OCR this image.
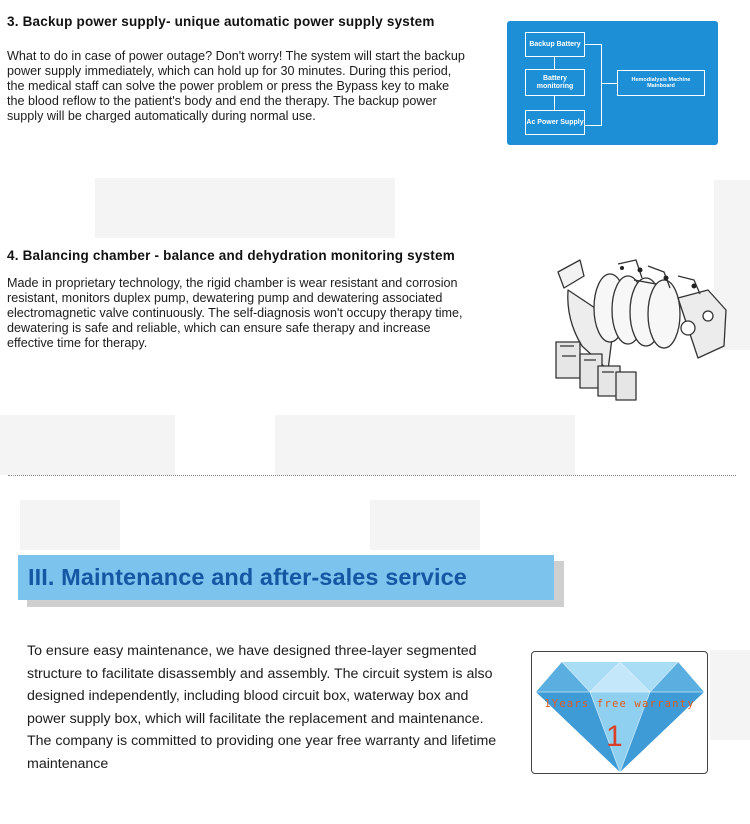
3. Backup power supply- unique automatic power supply system

What to do in case of power outage? Don't worry! The system will start the backup power supply immediately, which can hold up for 30 minutes. During this period, the medical staff can solve the power problem or press the Bypass key to make the blood reflow to the patient's body and end the therapy. The backup power supply will be charged automatically during normal use.

Backup Battery
Battery monitoring
Ac Power Supply
Hemodialysis Machine Mainboard
4. Balancing chamber - balance and dehydration monitoring system

Made in proprietary technology, the rigid chamber is wear resistant and corrosion resistant, monitors duplex pump, dewatering pump and dewatering associated electromagnetic valve continuously. The self-diagnosis won't occupy therapy time, dewatering is safe and reliable, which can ensure safe therapy and increase effective time for therapy.

III. Maintenance and after-sales service

To ensure easy maintenance, we have designed three-layer segmented structure to facilitate disassembly and assembly. The circuit system is also designed independently, including blood circuit box, waterway box and power supply box, which will facilitate the replacement and maintenance. The company is committed to providing one year free warranty and lifetime maintenance

1Years free warranty
1
